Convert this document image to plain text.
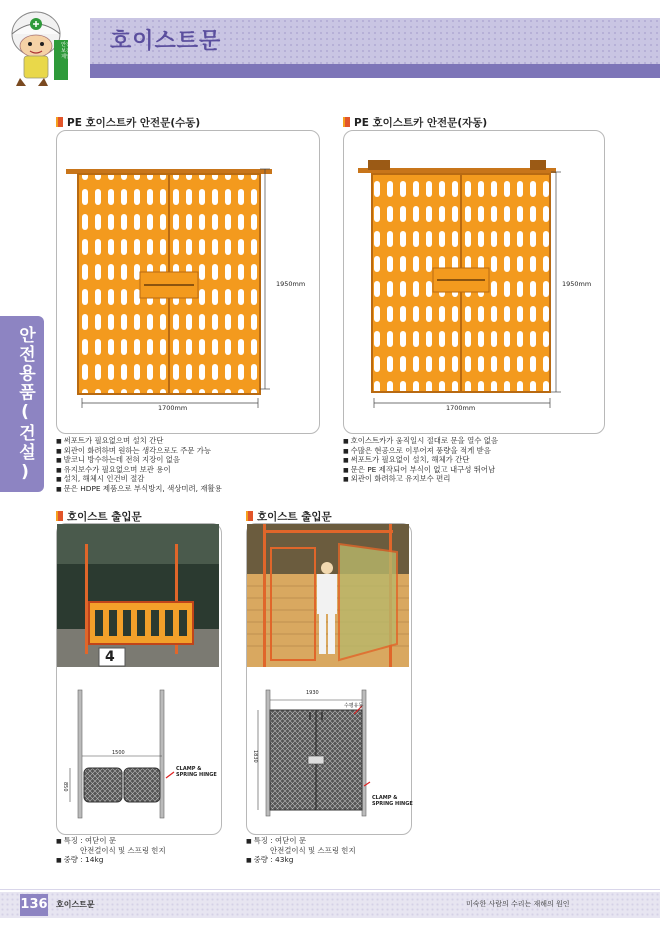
호이스트문
안전
보건
제일
안전용품(건설)
PE 호이스트카 안전문(수동)
1950mm
1700mm
■ 써포트가 필요없으며 설치 간단
■ 외관이 화려하며 원하는 생각으로도 주문 가능
■ 발코니 방수하는데 전혀 지장이 없음
■ 유지보수가 필요없으며 보관 용이
■ 설치, 해체시 인건비 절감
■ 문은 HDPE 제품으로 부식방지, 색상미려, 재활용
PE 호이스트카 안전문(자동)
1950mm
1700mm
■ 호이스트카가 움직일시 절대로 문을 열수 없음
■ 수많은 현공으로 이루어져 풍량을 적게 받음
■ 써포트가 필요없이 설치, 해체가 간단
■ 문은 PE 제작되어 부식이 없고 내구성 뛰어남
■ 외관이 화려하고 유지보수 편리
호이스트 출입문
4
1500
850
CLAMP &
SPRING HINGE
■ 특징 : 여닫이 문
안전걸이식 및 스프링 힌지
■ 중량 : 14kg
호이스트 출입문
1930
수평유동
1830
CLAMP &
SPRING HINGE
■ 특징 : 여닫이 문
안전걸이식 및 스프링 힌지
■ 중량 : 43kg
136 호이스트문	미숙한 사람의 수리는 재해의 원인
